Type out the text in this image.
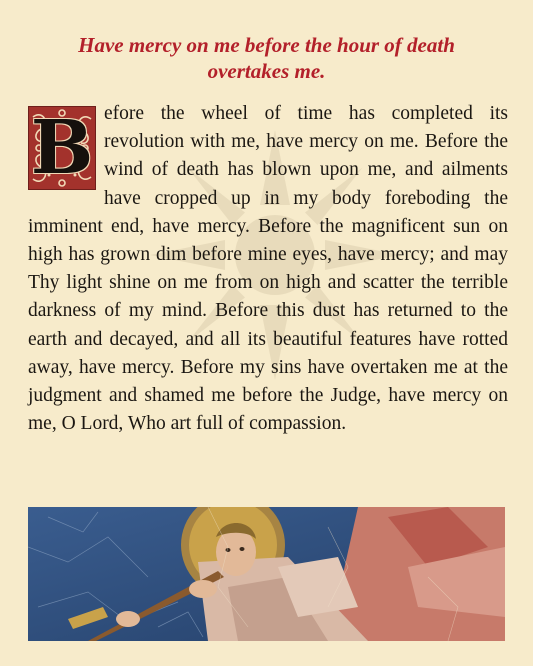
Have mercy on me before the hour of death
overtakes me.
B efore the wheel of time has completed its revolution with me, have mercy on me. Before the wind of death has blown upon me, and ailments have cropped up in my body foreboding the imminent end, have mercy. Before the magnificent sun on high has grown dim before mine eyes, have mercy; and may Thy light shine on me from on high and scatter the terrible darkness of my mind. Before this dust has returned to the earth and decayed, and all its beautiful features have rotted away, have mercy. Before my sins have overtaken me at the judgment and shamed me before the Judge, have mercy on me, O Lord, Who art full of compassion.
